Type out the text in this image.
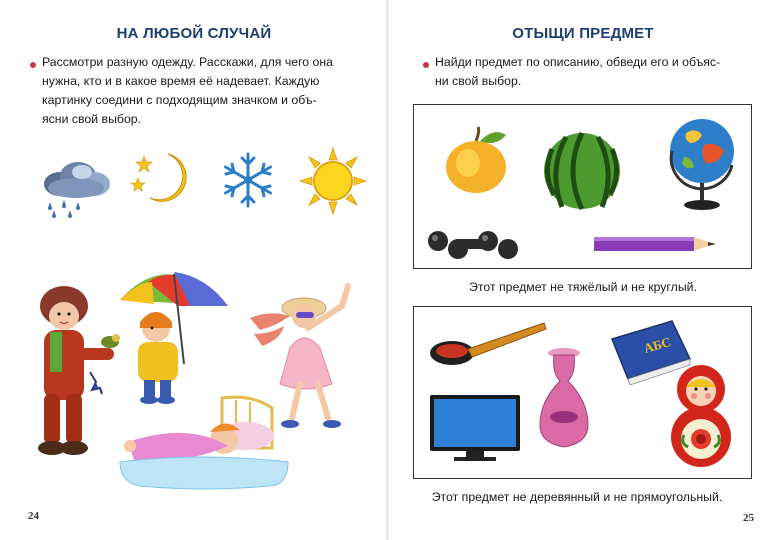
НА ЛЮБОЙ СЛУЧАЙ
Рассмотри разную одежду. Расскажи, для чего она
нужна, кто и в какое время её надевает. Каждую
картинку соедини с подходящим значком и объ-
ясни свой выбор.
24
ОТЫЩИ ПРЕДМЕТ
Найди предмет по описанию, обведи его и объяс-
ни свой выбор.
Этот предмет не тяжёлый и не круглый.
АБС
Этот предмет не деревянный и не прямоугольный.
25
